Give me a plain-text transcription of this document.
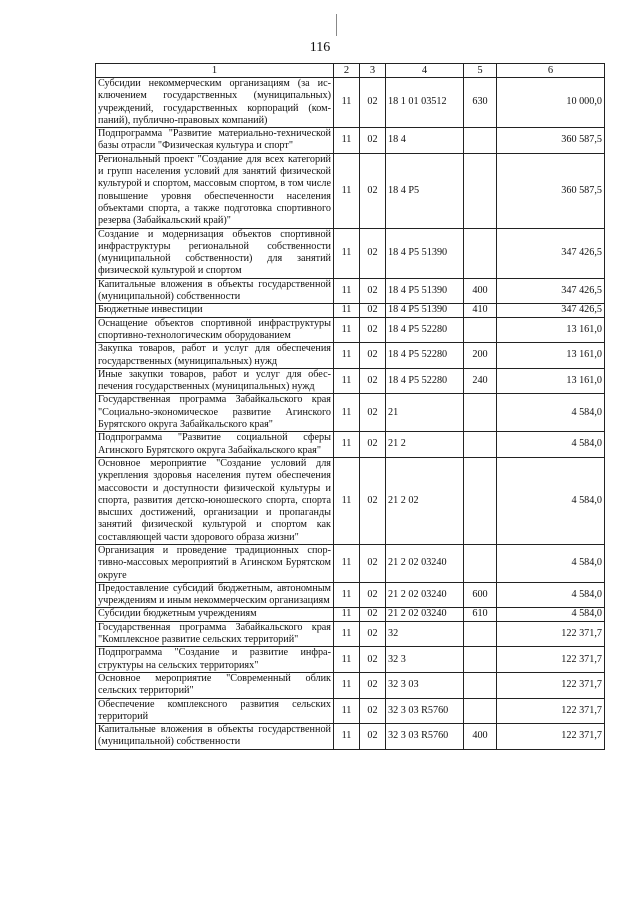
116
1	2	3	4	5	6
Субсидии некоммерческим организациям (за исключением государственных (муниципальных) учреждений, государственных корпораций (компаний), публично-правовых компаний)	11	02	18 1 01 03512	630	10 000,0
Подпрограмма "Развитие материально-технической базы отрасли "Физическая культура и спорт"	11	02	18 4		360 587,5
Региональный проект "Создание для всех категорий и групп населения условий для занятий физической культурой и спортом, массовым спортом, в том числе повышение уровня обеспеченности населения объектами спорта, а также подготовка спортивного резерва (Забайкальский край)"	11	02	18 4 P5		360 587,5
Создание и модернизация объектов спортивной инфраструктуры региональной собственности (муниципальной собственности) для занятий физической культурой и спортом	11	02	18 4 P5 51390		347 426,5
Капитальные вложения в объекты государственной (муниципальной) собственности	11	02	18 4 P5 51390	400	347 426,5
Бюджетные инвестиции	11	02	18 4 P5 51390	410	347 426,5
Оснащение объектов спортивной инфраструктуры спортивно-технологическим оборудованием	11	02	18 4 P5 52280		13 161,0
Закупка товаров, работ и услуг для обеспечения государственных (муниципальных) нужд	11	02	18 4 P5 52280	200	13 161,0
Иные закупки товаров, работ и услуг для обеспечения государственных (муниципальных) нужд	11	02	18 4 P5 52280	240	13 161,0
Государственная программа Забайкальского края "Социально-экономическое развитие Агинского Бурятского округа Забайкальского края"	11	02	21		4 584,0
Подпрограмма "Развитие социальной сферы Агинского Бурятского округа Забайкальского края"	11	02	21 2		4 584,0
Основное мероприятие "Создание условий для укрепления здоровья населения путем обеспечения массовости и доступности физической культуры и спорта, развития детско-юношеского спорта, спорта высших достижений, организации и пропаганды занятий физической культурой и спортом как составляющей части здорового образа жизни"	11	02	21 2 02		4 584,0
Организация и проведение традиционных спортивно-массовых мероприятий в Агинском Бурятском округе	11	02	21 2 02 03240		4 584,0
Предоставление субсидий бюджетным, автономным учреждениям и иным некоммерческим организациям	11	02	21 2 02 03240	600	4 584,0
Субсидии бюджетным учреждениям	11	02	21 2 02 03240	610	4 584,0
Государственная программа Забайкальского края "Комплексное развитие сельских территорий"	11	02	32		122 371,7
Подпрограмма "Создание и развитие инфраструктуры на сельских территориях"	11	02	32 3		122 371,7
Основное мероприятие "Современный облик сельских территорий"	11	02	32 3 03		122 371,7
Обеспечение комплексного развития сельских территорий	11	02	32 3 03 R5760		122 371,7
Капитальные вложения в объекты государственной (муниципальной) собственности	11	02	32 3 03 R5760	400	122 371,7
